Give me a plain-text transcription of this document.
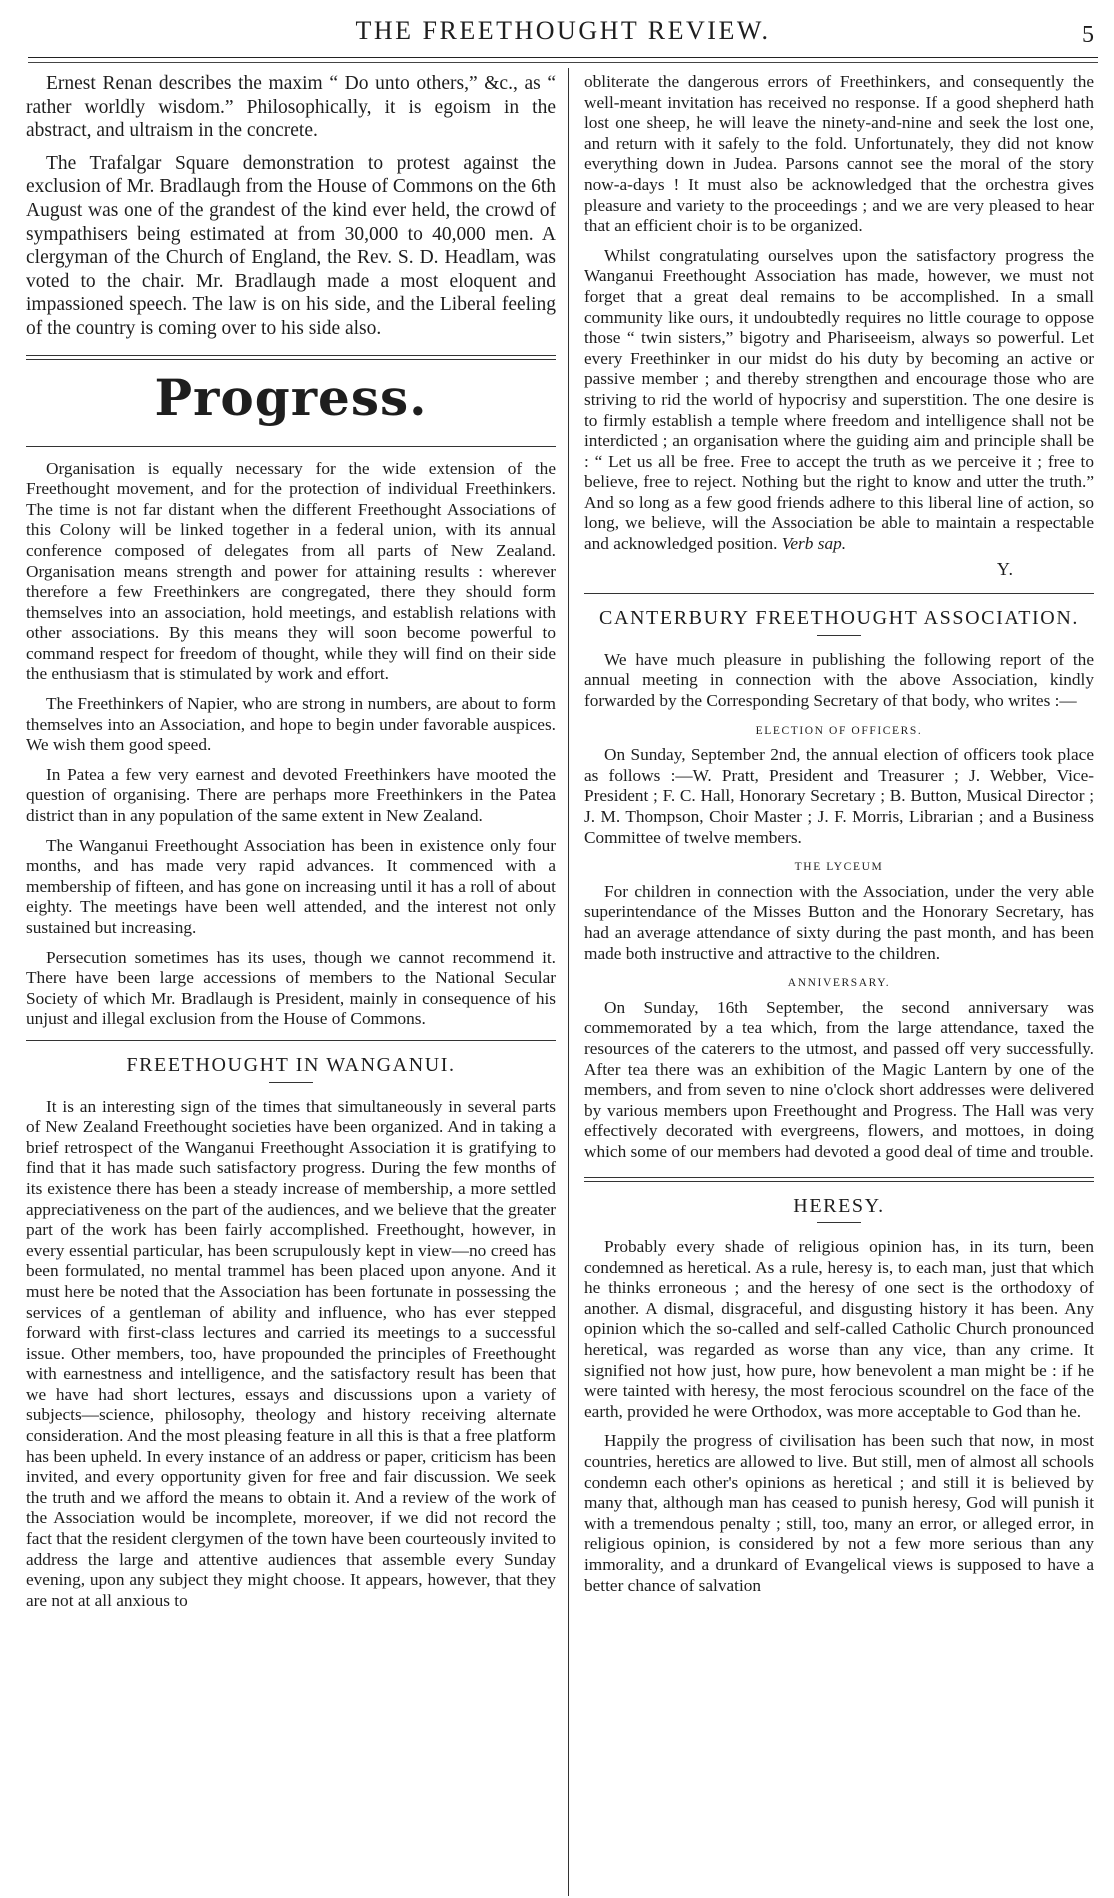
THE FREETHOUGHT REVIEW.	5

Ernest Renan describes the maxim “ Do unto others,” &c., as “ rather worldly wisdom.” Philosophically, it is egoism in the abstract, and ultraism in the concrete.

The Trafalgar Square demonstration to protest against the exclusion of Mr. Bradlaugh from the House of Commons on the 6th August was one of the grandest of the kind ever held, the crowd of sympathisers being estimated at from 30,000 to 40,000 men. A clergyman of the Church of England, the Rev. S. D. Headlam, was voted to the chair. Mr. Bradlaugh made a most eloquent and impassioned speech. The law is on his side, and the Liberal feeling of the country is coming over to his side also.

Progress.

Organisation is equally necessary for the wide extension of the Freethought movement, and for the protection of individual Freethinkers. The time is not far distant when the different Freethought Associations of this Colony will be linked together in a federal union, with its annual conference composed of delegates from all parts of New Zealand. Organisation means strength and power for attaining results : wherever therefore a few Freethinkers are congregated, there they should form themselves into an association, hold meetings, and establish relations with other associations. By this means they will soon become powerful to command respect for freedom of thought, while they will find on their side the enthusiasm that is stimulated by work and effort.

The Freethinkers of Napier, who are strong in numbers, are about to form themselves into an Association, and hope to begin under favorable auspices. We wish them good speed.

In Patea a few very earnest and devoted Freethinkers have mooted the question of organising. There are perhaps more Freethinkers in the Patea district than in any population of the same extent in New Zealand.

The Wanganui Freethought Association has been in existence only four months, and has made very rapid advances. It commenced with a membership of fifteen, and has gone on increasing until it has a roll of about eighty. The meetings have been well attended, and the interest not only sustained but increasing.

Persecution sometimes has its uses, though we cannot recommend it. There have been large accessions of members to the National Secular Society of which Mr. Bradlaugh is President, mainly in consequence of his unjust and illegal exclusion from the House of Commons.

FREETHOUGHT IN WANGANUI.

It is an interesting sign of the times that simultaneously in several parts of New Zealand Freethought societies have been organized. And in taking a brief retrospect of the Wanganui Freethought Association it is gratifying to find that it has made such satisfactory progress. During the few months of its existence there has been a steady increase of membership, a more settled appreciativeness on the part of the audiences, and we believe that the greater part of the work has been fairly accomplished. Freethought, however, in every essential particular, has been scrupulously kept in view—no creed has been formulated, no mental trammel has been placed upon anyone. And it must here be noted that the Association has been fortunate in possessing the services of a gentleman of ability and influence, who has ever stepped forward with first-class lectures and carried its meetings to a successful issue. Other members, too, have propounded the principles of Freethought with earnestness and intelligence, and the satisfactory result has been that we have had short lectures, essays and discussions upon a variety of subjects—science, philosophy, theology and history receiving alternate consideration. And the most pleasing feature in all this is that a free platform has been upheld. In every instance of an address or paper, criticism has been invited, and every opportunity given for free and fair discussion. We seek the truth and we afford the means to obtain it. And a review of the work of the Association would be incomplete, moreover, if we did not record the fact that the resident clergymen of the town have been courteously invited to address the large and attentive audiences that assemble every Sunday evening, upon any subject they might choose. It appears, however, that they are not at all anxious to

obliterate the dangerous errors of Freethinkers, and consequently the well-meant invitation has received no response. If a good shepherd hath lost one sheep, he will leave the ninety-and-nine and seek the lost one, and return with it safely to the fold. Unfortunately, they did not know everything down in Judea. Parsons cannot see the moral of the story now-a-days ! It must also be acknowledged that the orchestra gives pleasure and variety to the proceedings ; and we are very pleased to hear that an efficient choir is to be organized.

Whilst congratulating ourselves upon the satisfactory progress the Wanganui Freethought Association has made, however, we must not forget that a great deal remains to be accomplished. In a small community like ours, it undoubtedly requires no little courage to oppose those “ twin sisters,” bigotry and Phariseeism, always so powerful. Let every Freethinker in our midst do his duty by becoming an active or passive member ; and thereby strengthen and encourage those who are striving to rid the world of hypocrisy and superstition. The one desire is to firmly establish a temple where freedom and intelligence shall not be interdicted ; an organisation where the guiding aim and principle shall be : “ Let us all be free. Free to accept the truth as we perceive it ; free to believe, free to reject. Nothing but the right to know and utter the truth.” And so long as a few good friends adhere to this liberal line of action, so long, we believe, will the Association be able to maintain a respectable and acknowledged position. Verb sap.

Y.
CANTERBURY FREETHOUGHT ASSOCIATION.

We have much pleasure in publishing the following report of the annual meeting in connection with the above Association, kindly forwarded by the Corresponding Secretary of that body, who writes :—

ELECTION OF OFFICERS.

On Sunday, September 2nd, the annual election of officers took place as follows :—W. Pratt, President and Treasurer ; J. Webber, Vice-President ; F. C. Hall, Honorary Secretary ; B. Button, Musical Director ; J. M. Thompson, Choir Master ; J. F. Morris, Librarian ; and a Business Committee of twelve members.

THE LYCEUM

For children in connection with the Association, under the very able superintendance of the Misses Button and the Honorary Secretary, has had an average attendance of sixty during the past month, and has been made both instructive and attractive to the children.

ANNIVERSARY.

On Sunday, 16th September, the second anniversary was commemorated by a tea which, from the large attendance, taxed the resources of the caterers to the utmost, and passed off very successfully. After tea there was an exhibition of the Magic Lantern by one of the members, and from seven to nine o'clock short addresses were delivered by various members upon Freethought and Progress. The Hall was very effectively decorated with evergreens, flowers, and mottoes, in doing which some of our members had devoted a good deal of time and trouble.

HERESY.

Probably every shade of religious opinion has, in its turn, been condemned as heretical. As a rule, heresy is, to each man, just that which he thinks erroneous ; and the heresy of one sect is the orthodoxy of another. A dismal, disgraceful, and disgusting history it has been. Any opinion which the so-called and self-called Catholic Church pronounced heretical, was regarded as worse than any vice, than any crime. It signified not how just, how pure, how benevolent a man might be : if he were tainted with heresy, the most ferocious scoundrel on the face of the earth, provided he were Orthodox, was more acceptable to God than he.

Happily the progress of civilisation has been such that now, in most countries, heretics are allowed to live. But still, men of almost all schools condemn each other's opinions as heretical ; and still it is believed by many that, although man has ceased to punish heresy, God will punish it with a tremendous penalty ; still, too, many an error, or alleged error, in religious opinion, is considered by not a few more serious than any immorality, and a drunkard of Evangelical views is supposed to have a better chance of salvation
